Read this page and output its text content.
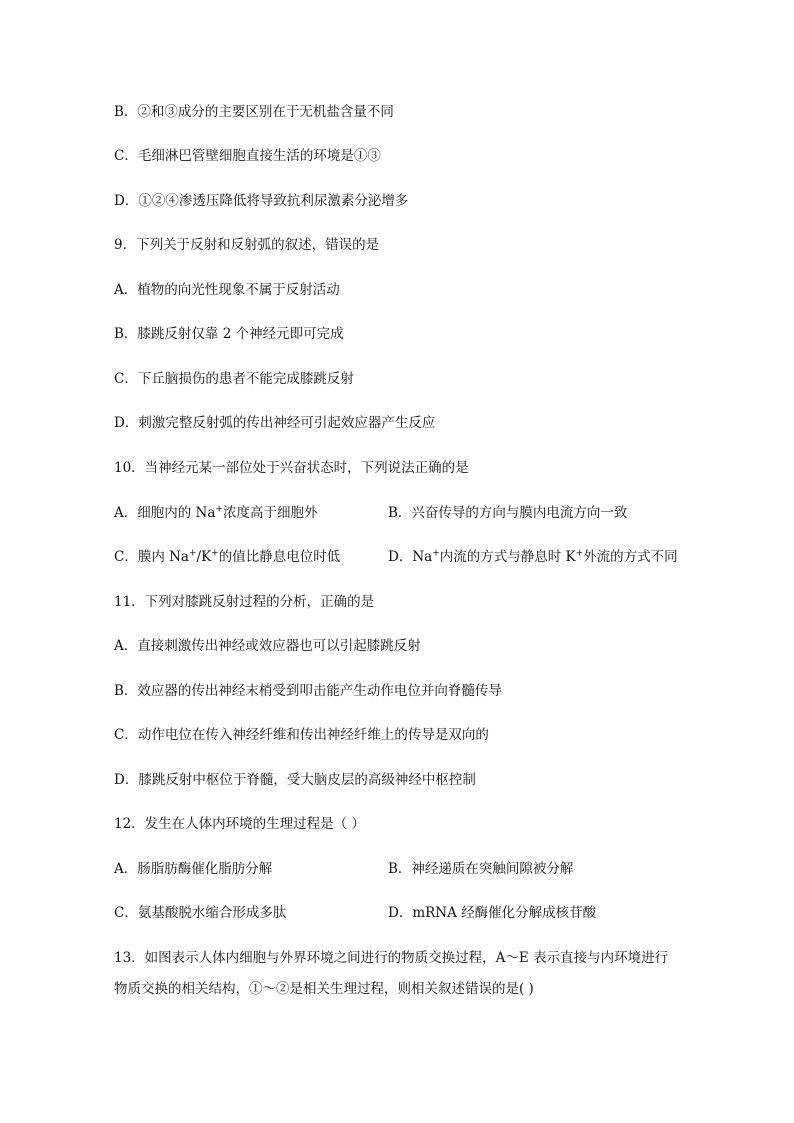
B．②和③成分的主要区别在于无机盐含量不同
C．毛细淋巴管壁细胞直接生活的环境是①③
D．①②④渗透压降低将导致抗利尿激素分泌增多
9．下列关于反射和反射弧的叙述，错误的是
A．植物的向光性现象不属于反射活动
B．膝跳反射仅靠 2 个神经元即可完成
C．下丘脑损伤的患者不能完成膝跳反射
D．刺激完整反射弧的传出神经可引起效应器产生反应
10．当神经元某一部位处于兴奋状态时，下列说法正确的是
A．细胞内的 Na+浓度高于细胞外	B．兴奋传导的方向与膜内电流方向一致
C．膜内 Na+/K+的值比静息电位时低	D．Na+内流的方式与静息时 K+外流的方式不同
11．下列对膝跳反射过程的分析，正确的是
A．直接刺激传出神经或效应器也可以引起膝跳反射
B．效应器的传出神经末梢受到叩击能产生动作电位并向脊髓传导
C．动作电位在传入神经纤维和传出神经纤维上的传导是双向的
D．膝跳反射中枢位于脊髓，受大脑皮层的高级神经中枢控制
12．发生在人体内环境的生理过程是（ ）
A．肠脂肪酶催化脂肪分解	B．神经递质在突触间隙被分解
C．氨基酸脱水缩合形成多肽	D．mRNA 经酶催化分解成核苷酸
13．如图表示人体内细胞与外界环境之间进行的物质交换过程，A～E 表示直接与内环境进行
物质交换的相关结构，①～②是相关生理过程，则相关叙述错误的是( )
